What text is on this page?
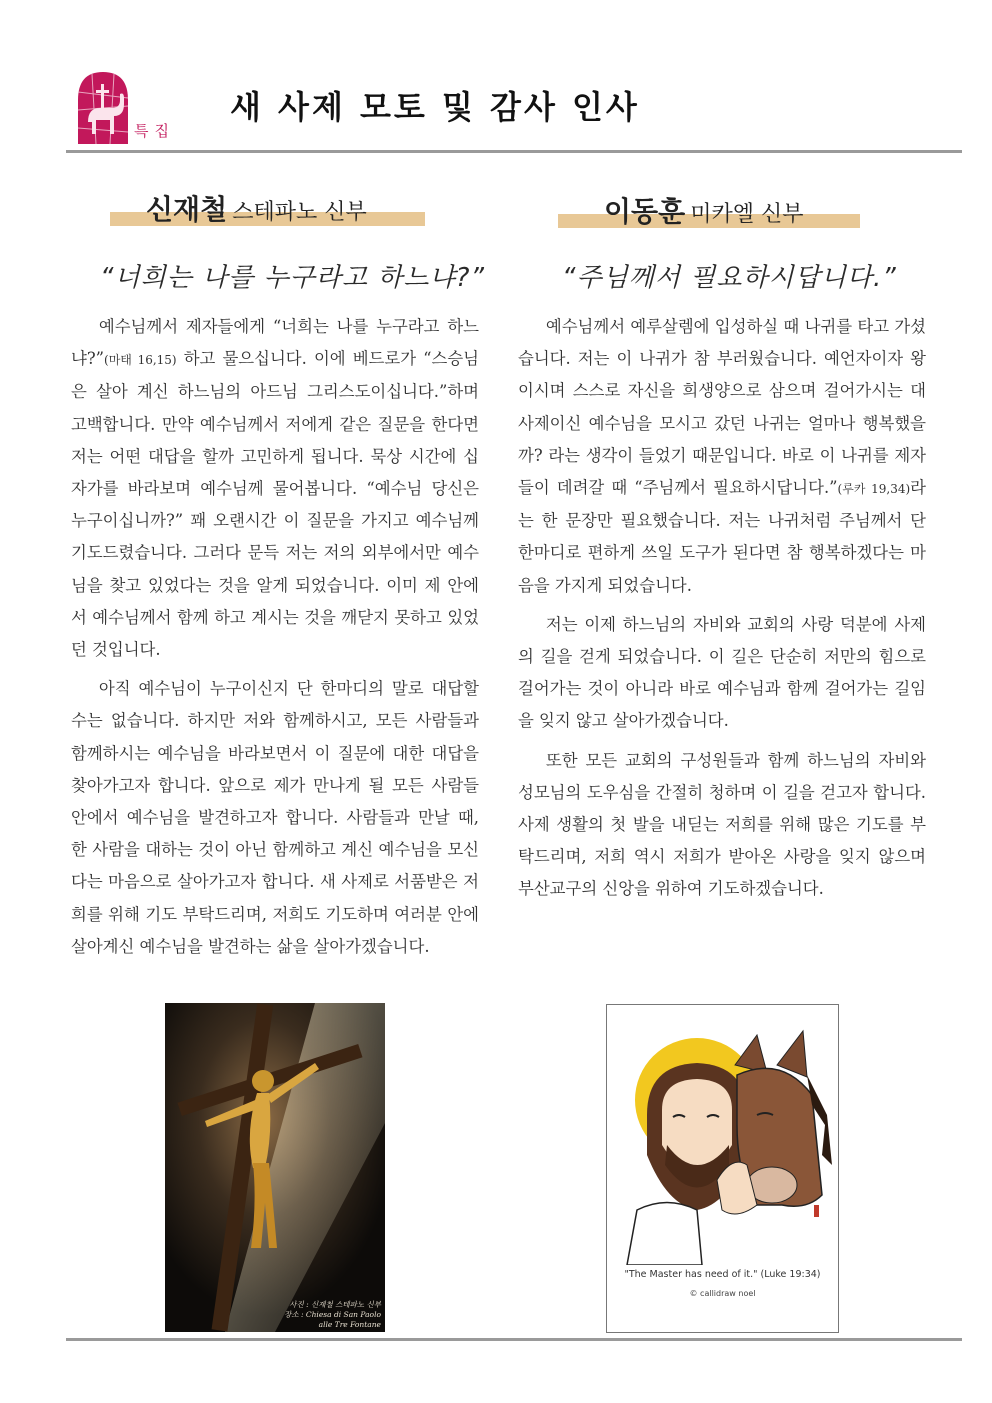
특집
새 사제 모토 및 감사 인사
신재철 스테파노 신부
“너희는 나를 누구라고 하느냐?”
이동훈 미카엘 신부
“주님께서 필요하시답니다.”

예수님께서 제자들에게 “너희는 나를 누구라고 하느냐?”(마태 16,15) 하고 물으십니다. 이에 베드로가 “스승님은 살아 계신 하느님의 아드님 그리스도이십니다.”하며 고백합니다. 만약 예수님께서 저에게 같은 질문을 한다면 저는 어떤 대답을 할까 고민하게 됩니다. 묵상 시간에 십자가를 바라보며 예수님께 물어봅니다. “예수님 당신은 누구이십니까?” 꽤 오랜시간 이 질문을 가지고 예수님께 기도드렸습니다. 그러다 문득 저는 저의 외부에서만 예수님을 찾고 있었다는 것을 알게 되었습니다. 이미 제 안에서 예수님께서 함께 하고 계시는 것을 깨닫지 못하고 있었던 것입니다.

아직 예수님이 누구이신지 단 한마디의 말로 대답할 수는 없습니다. 하지만 저와 함께하시고, 모든 사람들과 함께하시는 예수님을 바라보면서 이 질문에 대한 대답을 찾아가고자 합니다. 앞으로 제가 만나게 될 모든 사람들 안에서 예수님을 발견하고자 합니다. 사람들과 만날 때, 한 사람을 대하는 것이 아닌 함께하고 계신 예수님을 모신다는 마음으로 살아가고자 합니다. 새 사제로 서품받은 저희를 위해 기도 부탁드리며, 저희도 기도하며 여러분 안에 살아계신 예수님을 발견하는 삶을 살아가겠습니다.

예수님께서 예루살렘에 입성하실 때 나귀를 타고 가셨습니다. 저는 이 나귀가 참 부러웠습니다. 예언자이자 왕이시며 스스로 자신을 희생양으로 삼으며 걸어가시는 대사제이신 예수님을 모시고 갔던 나귀는 얼마나 행복했을까? 라는 생각이 들었기 때문입니다. 바로 이 나귀를 제자들이 데려갈 때 “주님께서 필요하시답니다.”(루카 19,34)라는 한 문장만 필요했습니다. 저는 나귀처럼 주님께서 단 한마디로 편하게 쓰일 도구가 된다면 참 행복하겠다는 마음을 가지게 되었습니다.

저는 이제 하느님의 자비와 교회의 사랑 덕분에 사제의 길을 걷게 되었습니다. 이 길은 단순히 저만의 힘으로 걸어가는 것이 아니라 바로 예수님과 함께 걸어가는 길임을 잊지 않고 살아가겠습니다.

또한 모든 교회의 구성원들과 함께 하느님의 자비와 성모님의 도우심을 간절히 청하며 이 길을 걷고자 합니다. 사제 생활의 첫 발을 내딛는 저희를 위해 많은 기도를 부탁드리며, 저희 역시 저희가 받아온 사랑을 잊지 않으며 부산교구의 신앙을 위하여 기도하겠습니다.

사진 : 신재철 스테파노 신부
장소 : Chiesa di San Paolo
alle Tre Fontane
"The Master has need of it." (Luke 19:34)
© callidraw noel
